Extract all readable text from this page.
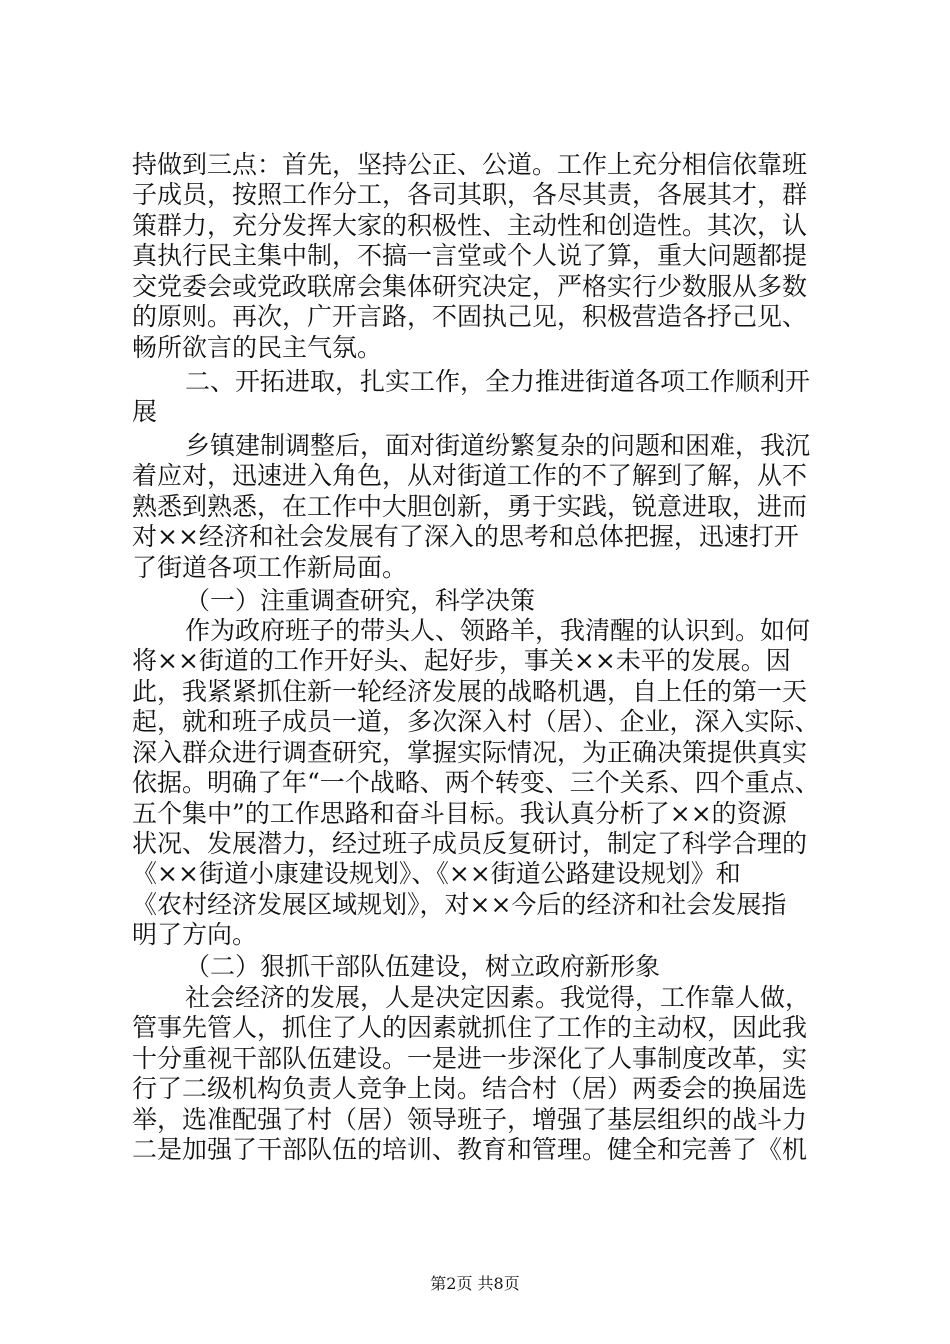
持做到三点：首先，坚持公正、公道。工作上充分相信依靠班
子成员，按照工作分工，各司其职，各尽其责，各展其才，群
策群力，充分发挥大家的积极性、主动性和创造性。其次，认
真执行民主集中制，不搞一言堂或个人说了算，重大问题都提
交党委会或党政联席会集体研究决定，严格实行少数服从多数
的原则。再次，广开言路，不固执己见，积极营造各抒己见、
畅所欲言的民主气氛。
二、开拓进取，扎实工作，全力推进街道各项工作顺利开
展
乡镇建制调整后，面对街道纷繁复杂的问题和困难，我沉
着应对，迅速进入角色，从对街道工作的不了解到了解，从不
熟悉到熟悉，在工作中大胆创新，勇于实践，锐意进取，进而
对××经济和社会发展有了深入的思考和总体把握，迅速打开
了街道各项工作新局面。
（一）注重调查研究，科学决策
作为政府班子的带头人、领路羊，我清醒的认识到。如何
将××街道的工作开好头、起好步，事关××未平的发展。因
此，我紧紧抓住新一轮经济发展的战略机遇，自上任的第一天
起，就和班子成员一道，多次深入村（居）、企业，深入实际、
深入群众进行调查研究，掌握实际情况，为正确决策提供真实
依据。明确了年“一个战略、两个转变、三个关系、四个重点、
五个集中”的工作思路和奋斗目标。我认真分析了××的资源
状况、发展潜力，经过班子成员反复研讨，制定了科学合理的
《××街道小康建设规划》、《××街道公路建设规划》和
《农村经济发展区域规划》，对××今后的经济和社会发展指
明了方向。
（二）狠抓干部队伍建设，树立政府新形象
社会经济的发展，人是决定因素。我觉得，工作靠人做，
管事先管人，抓住了人的因素就抓住了工作的主动权，因此我
十分重视干部队伍建设。一是进一步深化了人事制度改革，实
行了二级机构负责人竞争上岗。结合村（居）两委会的换届选
举，选准配强了村（居）领导班子，增强了基层组织的战斗力
二是加强了干部队伍的培训、教育和管理。健全和完善了《机
第2页 共8页
